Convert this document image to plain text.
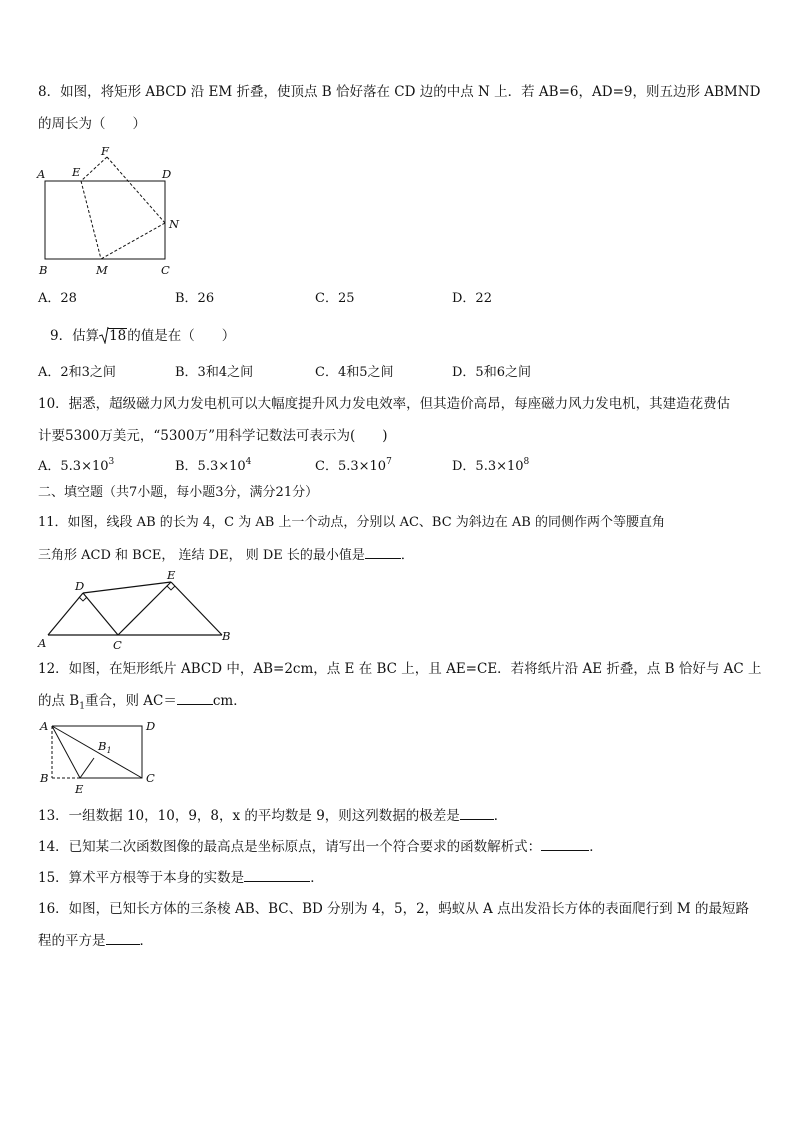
8．如图，将矩形 ABCD 沿 EM 折叠，使顶点 B 恰好落在 CD 边的中点 N 上．若 AB=6，AD=9，则五边形 ABMND
的周长为（　　）
A E
F
D
N
B	M	C
A．28	B．26	C．25	D．22
9．估算 18的值是在（　　）
A．2和3之间	B．3和4之间	C．4和5之间	D．5和6之间
10．据悉，超级磁力风力发电机可以大幅度提升风力发电效率，但其造价高昂，每座磁力风力发电机，其建造花费估
计要5300万美元，“5300万”用科学记数法可表示为(　　)
A．$5.3\times 10^3$	B．$5.3\times 10^4$	C．$5.3\times 10^7$	D．$5.3\times 10^8$
二、填空题（共7小题，每小题3分，满分21分）
11．如图，线段 AB 的长为 4，C 为 AB 上一个动点，分别以 AC、BC 为斜边在 AB 的同侧作两个等腰直角
三角形 ACD 和 BCE， 连结 DE， 则 DE 长的最小值是	．
D
E
A	C
B
12．如图，在矩形纸片 ABCD 中，AB=2cm，点 E 在 BC 上，且 AE=CE．若将纸片沿 AE 折叠，点 B 恰好与 AC 上
的点 $B_1$重合，则 AC＝	cm．
A	D
B	C
E
$B_1$
13．一组数据 10，10，9，8，x 的平均数是 9，则这列数据的极差是	．
14．已知某二次函数图像的最高点是坐标原点，请写出一个符合要求的函数解析式：	．
15．算术平方根等于本身的实数是	．
16．如图，已知长方体的三条棱 AB、BC、BD 分别为 4，5，2，蚂蚁从 A 点出发沿长方体的表面爬行到 M 的最短路
程的平方是	．
